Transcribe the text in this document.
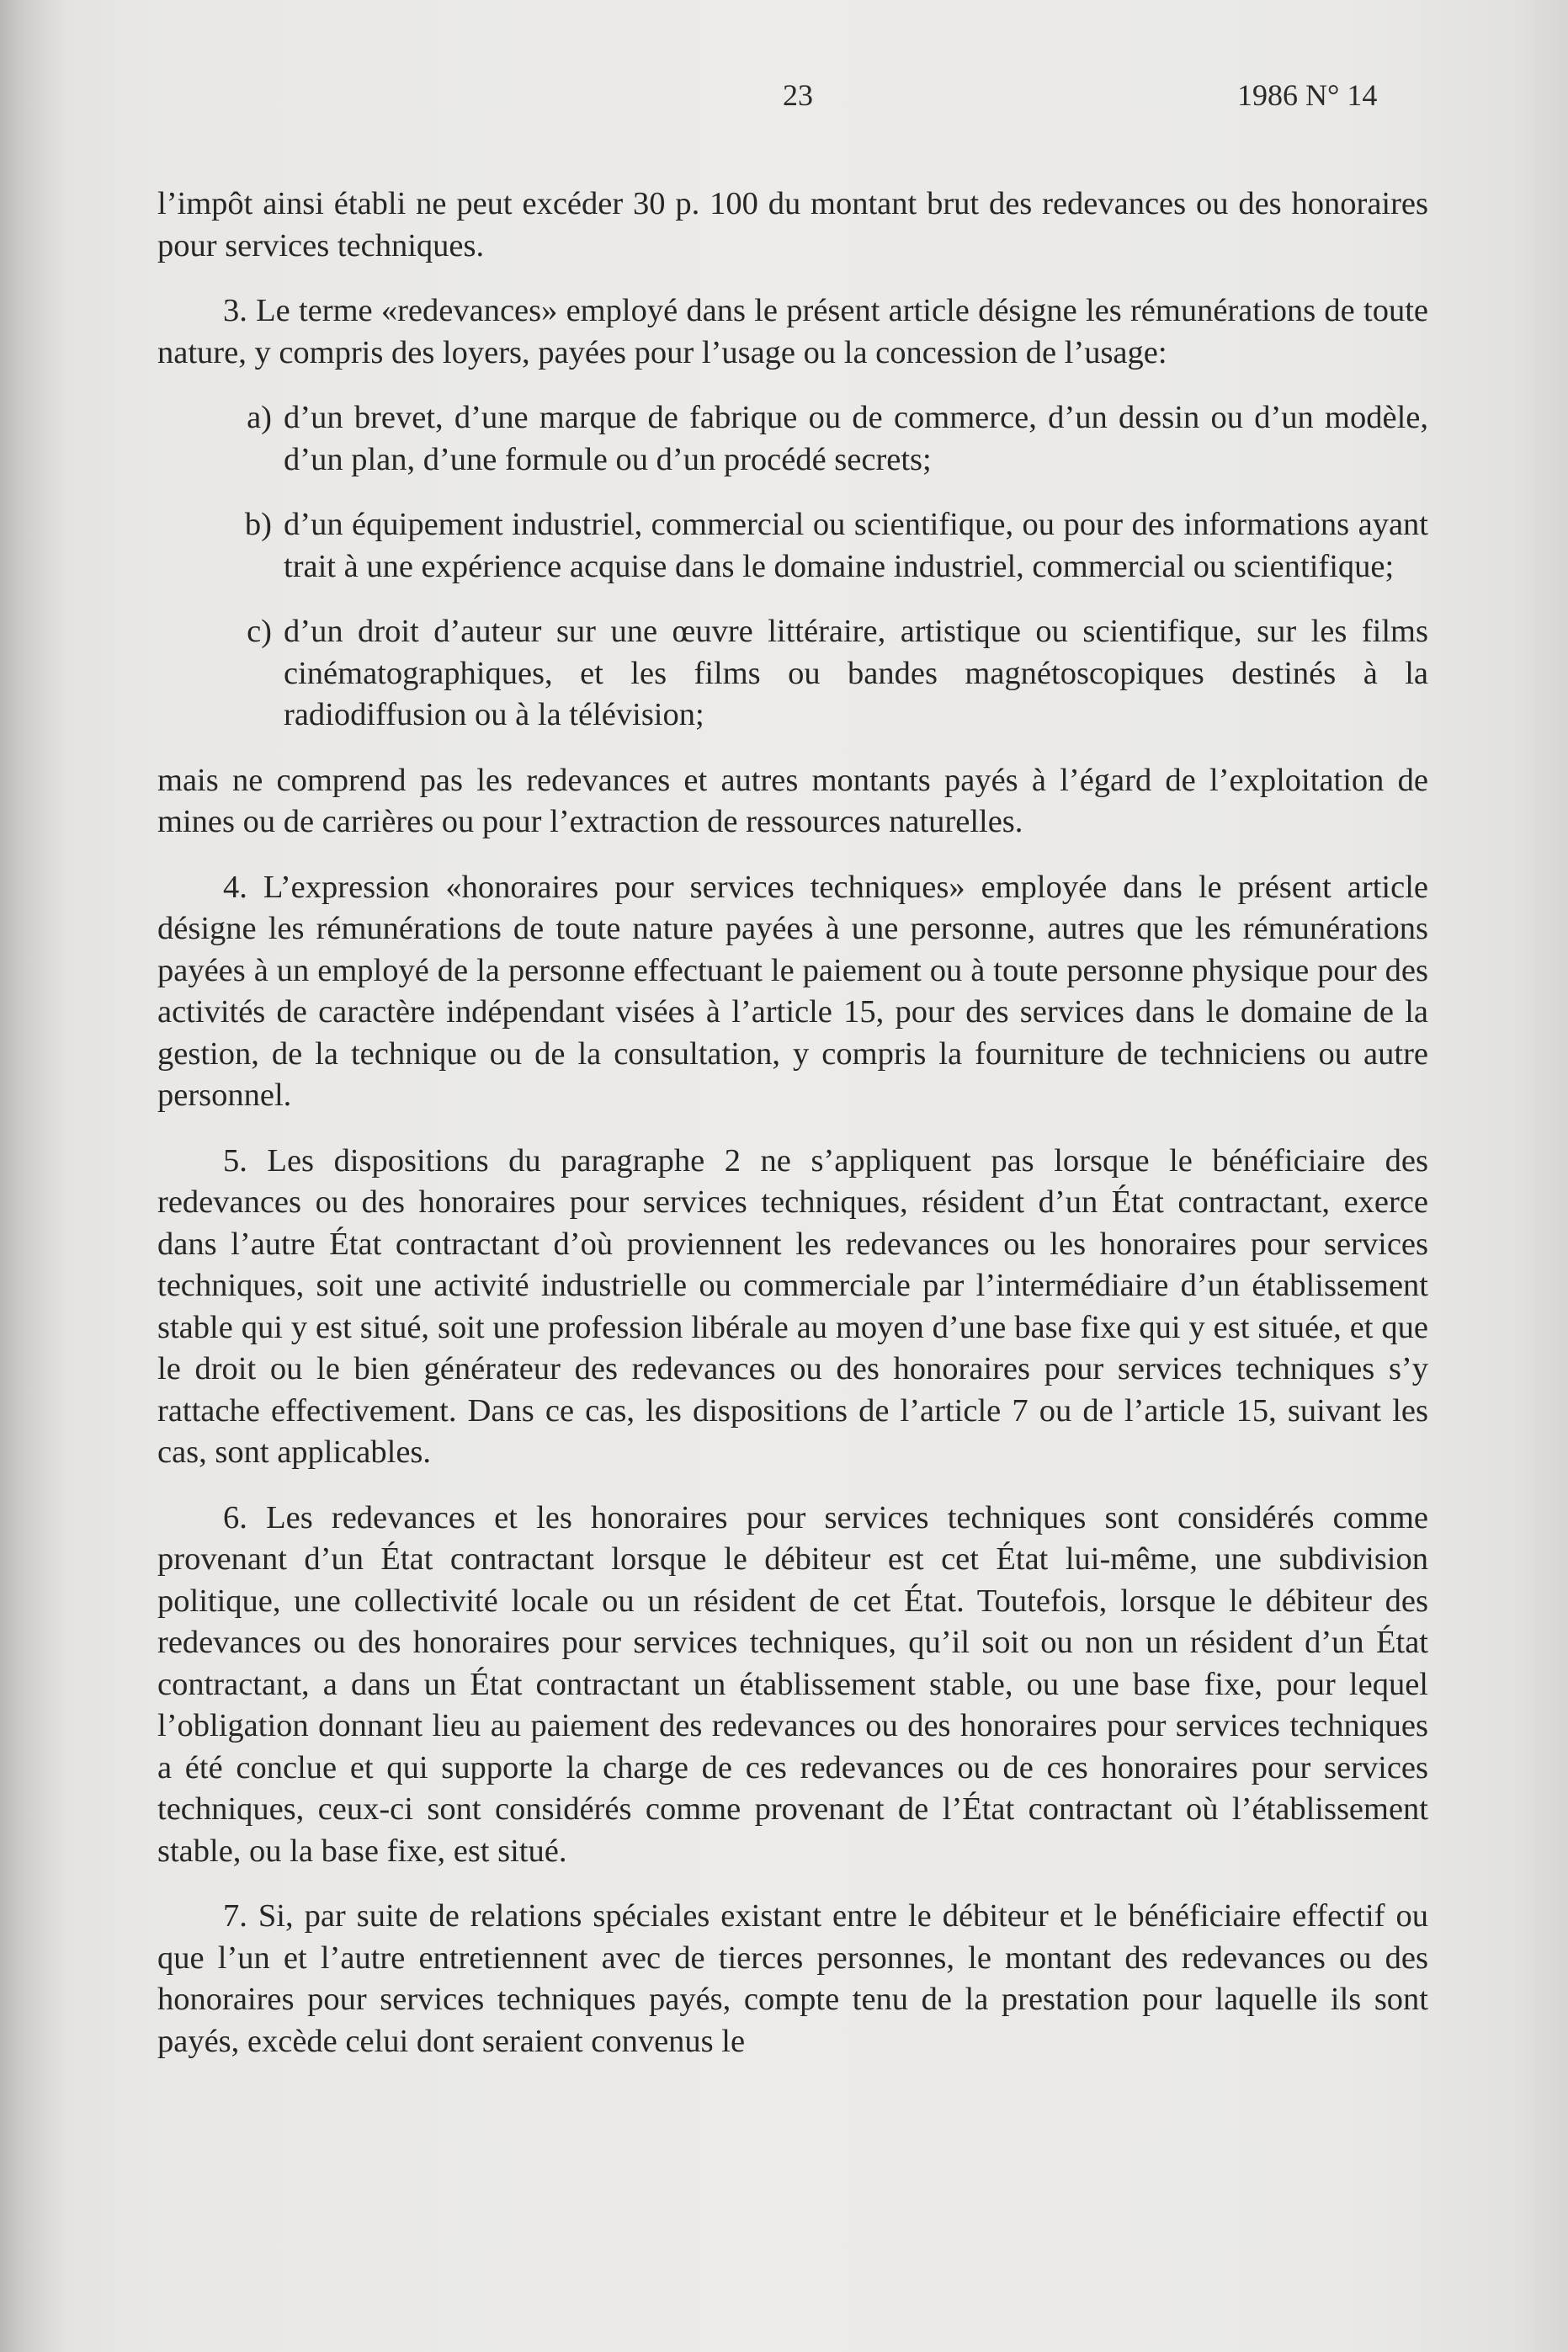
23	1986 N° 14

l’impôt ainsi établi ne peut excéder 30 p. 100 du montant brut des redevances ou des honoraires pour services techniques.

3. Le terme «redevances» employé dans le présent article désigne les rémunérations de toute nature, y compris des loyers, payées pour l’usage ou la concession de l’usage:

a) d’un brevet, d’une marque de fabrique ou de commerce, d’un dessin ou d’un modèle, d’un plan, d’une formule ou d’un procédé secrets;
b) d’un équipement industriel, commercial ou scientifique, ou pour des informations ayant trait à une expérience acquise dans le domaine industriel, commercial ou scientifique;
c) d’un droit d’auteur sur une œuvre littéraire, artistique ou scientifique, sur les films cinématographiques, et les films ou bandes magnétoscopiques destinés à la radiodiffusion ou à la télévision;

mais ne comprend pas les redevances et autres montants payés à l’égard de l’exploitation de mines ou de carrières ou pour l’extraction de ressources naturelles.

4. L’expression «honoraires pour services techniques» employée dans le présent article désigne les rémunérations de toute nature payées à une personne, autres que les rémunérations payées à un employé de la personne effectuant le paiement ou à toute personne physique pour des activités de caractère indépendant visées à l’article 15, pour des services dans le domaine de la gestion, de la technique ou de la consultation, y compris la fourniture de techniciens ou autre personnel.

5. Les dispositions du paragraphe 2 ne s’appliquent pas lorsque le bénéficiaire des redevances ou des honoraires pour services techniques, résident d’un État contractant, exerce dans l’autre État contractant d’où proviennent les redevances ou les honoraires pour services techniques, soit une activité industrielle ou commerciale par l’intermédiaire d’un établissement stable qui y est situé, soit une profession libérale au moyen d’une base fixe qui y est située, et que le droit ou le bien générateur des redevances ou des honoraires pour services techniques s’y rattache effectivement. Dans ce cas, les dispositions de l’article 7 ou de l’article 15, suivant les cas, sont applicables.

6. Les redevances et les honoraires pour services techniques sont considérés comme provenant d’un État contractant lorsque le débiteur est cet État lui-même, une subdivision politique, une collectivité locale ou un résident de cet État. Toutefois, lorsque le débiteur des redevances ou des honoraires pour services techniques, qu’il soit ou non un résident d’un État contractant, a dans un État contractant un établissement stable, ou une base fixe, pour lequel l’obligation donnant lieu au paiement des redevances ou des honoraires pour services techniques a été conclue et qui supporte la charge de ces redevances ou de ces honoraires pour services techniques, ceux-ci sont considérés comme provenant de l’État contractant où l’établissement stable, ou la base fixe, est situé.

7. Si, par suite de relations spéciales existant entre le débiteur et le bénéficiaire effectif ou que l’un et l’autre entretiennent avec de tierces personnes, le montant des redevances ou des honoraires pour services techniques payés, compte tenu de la prestation pour laquelle ils sont payés, excède celui dont seraient convenus le
